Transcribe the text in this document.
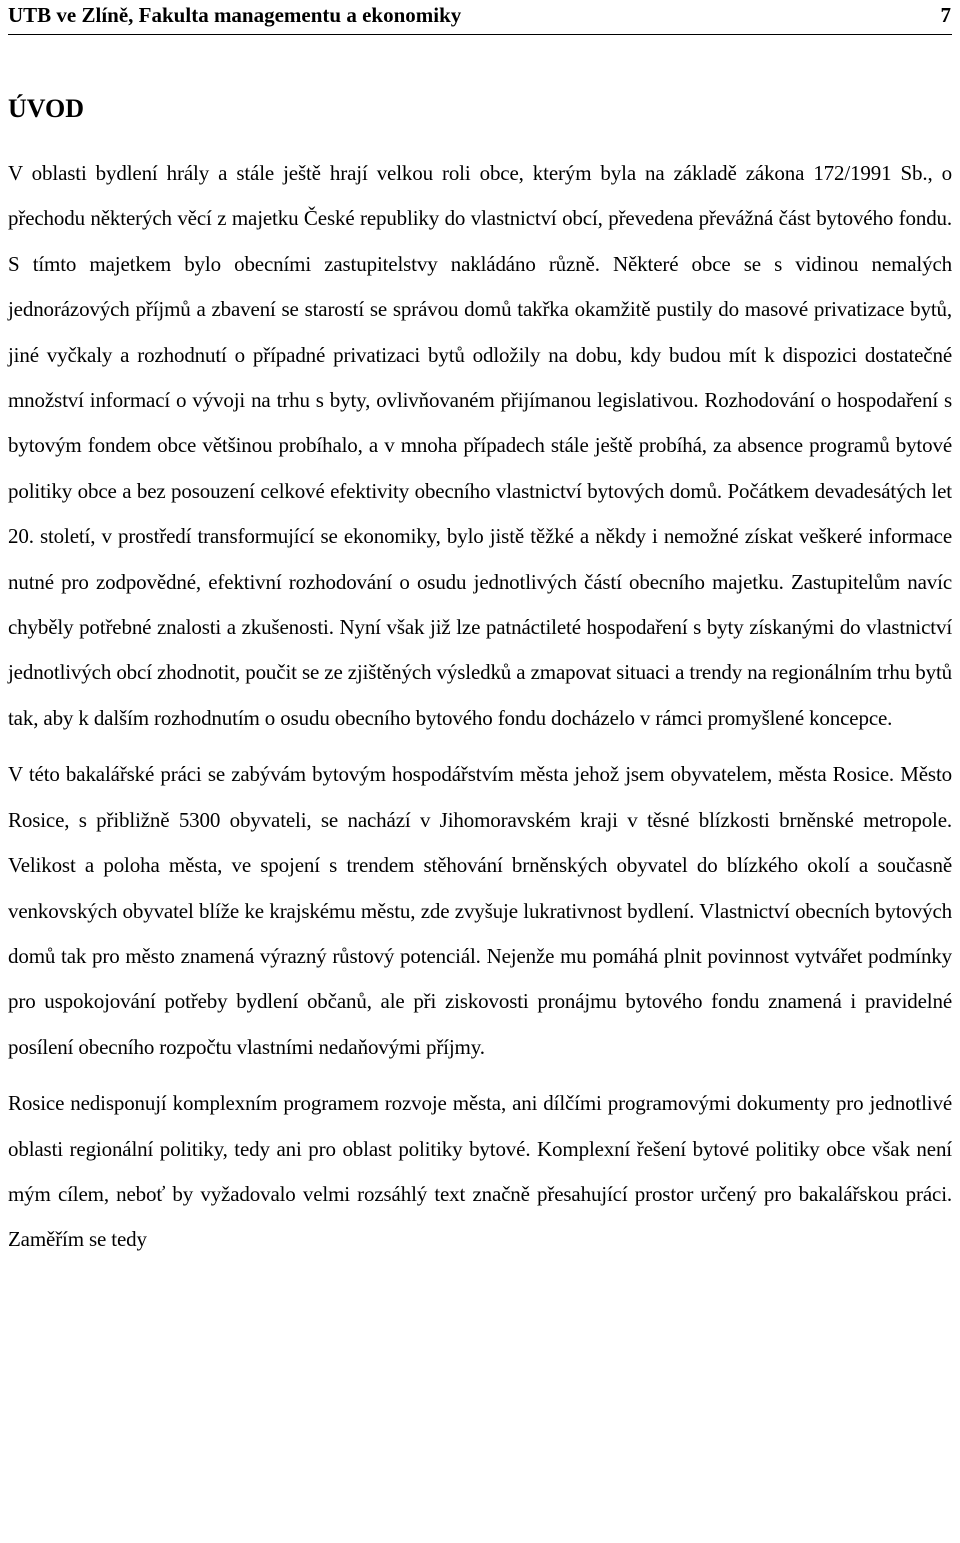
UTB ve Zlíně, Fakulta managementu a ekonomiky	7
ÚVOD

V oblasti bydlení hrály a stále ještě hrají velkou roli obce, kterým byla na základě zákona 172/1991 Sb., o přechodu některých věcí z majetku České republiky do vlastnictví obcí, převedena převážná část bytového fondu. S tímto majetkem bylo obecními zastupitelstvy nakládáno různě. Některé obce se s vidinou nemalých jednorázových příjmů a zbavení se starostí se správou domů takřka okamžitě pustily do masové privatizace bytů, jiné vyčkaly a rozhodnutí o případné privatizaci bytů odložily na dobu, kdy budou mít k dispozici dostatečné množství informací o vývoji na trhu s byty, ovlivňovaném přijímanou legislativou. Rozhodování o hospodaření s bytovým fondem obce většinou probíhalo, a v mnoha případech stále ještě probíhá, za absence programů bytové politiky obce a bez posouzení celkové efektivity obecního vlastnictví bytových domů. Počátkem devadesátých let 20. století, v prostředí transformující se ekonomiky, bylo jistě těžké a někdy i nemožné získat veškeré informace nutné pro zodpovědné, efektivní rozhodování o osudu jednotlivých částí obecního majetku. Zastupitelům navíc chyběly potřebné znalosti a zkušenosti. Nyní však již lze patnáctileté hospodaření s byty získanými do vlastnictví jednotlivých obcí zhodnotit, poučit se ze zjištěných výsledků a zmapovat situaci a trendy na regionálním trhu bytů tak, aby k dalším rozhodnutím o osudu obecního bytového fondu docházelo v rámci promyšlené koncepce.

V této bakalářské práci se zabývám bytovým hospodářstvím města jehož jsem obyvatelem, města Rosice. Město Rosice, s přibližně 5300 obyvateli, se nachází v Jihomoravském kraji v těsné blízkosti brněnské metropole. Velikost a poloha města, ve spojení s trendem stěhování brněnských obyvatel do blízkého okolí a současně venkovských obyvatel blíže ke krajskému městu, zde zvyšuje lukrativnost bydlení. Vlastnictví obecních bytových domů tak pro město znamená výrazný růstový potenciál. Nejenže mu pomáhá plnit povinnost vytvářet podmínky pro uspokojování potřeby bydlení občanů, ale při ziskovosti pronájmu bytového fondu znamená i pravidelné posílení obecního rozpočtu vlastními nedaňovými příjmy.

Rosice nedisponují komplexním programem rozvoje města, ani dílčími programovými dokumenty pro jednotlivé oblasti regionální politiky, tedy ani pro oblast politiky bytové. Komplexní řešení bytové politiky obce však není mým cílem, neboť by vyžadovalo velmi rozsáhlý text značně přesahující prostor určený pro bakalářskou práci. Zaměřím se tedy
